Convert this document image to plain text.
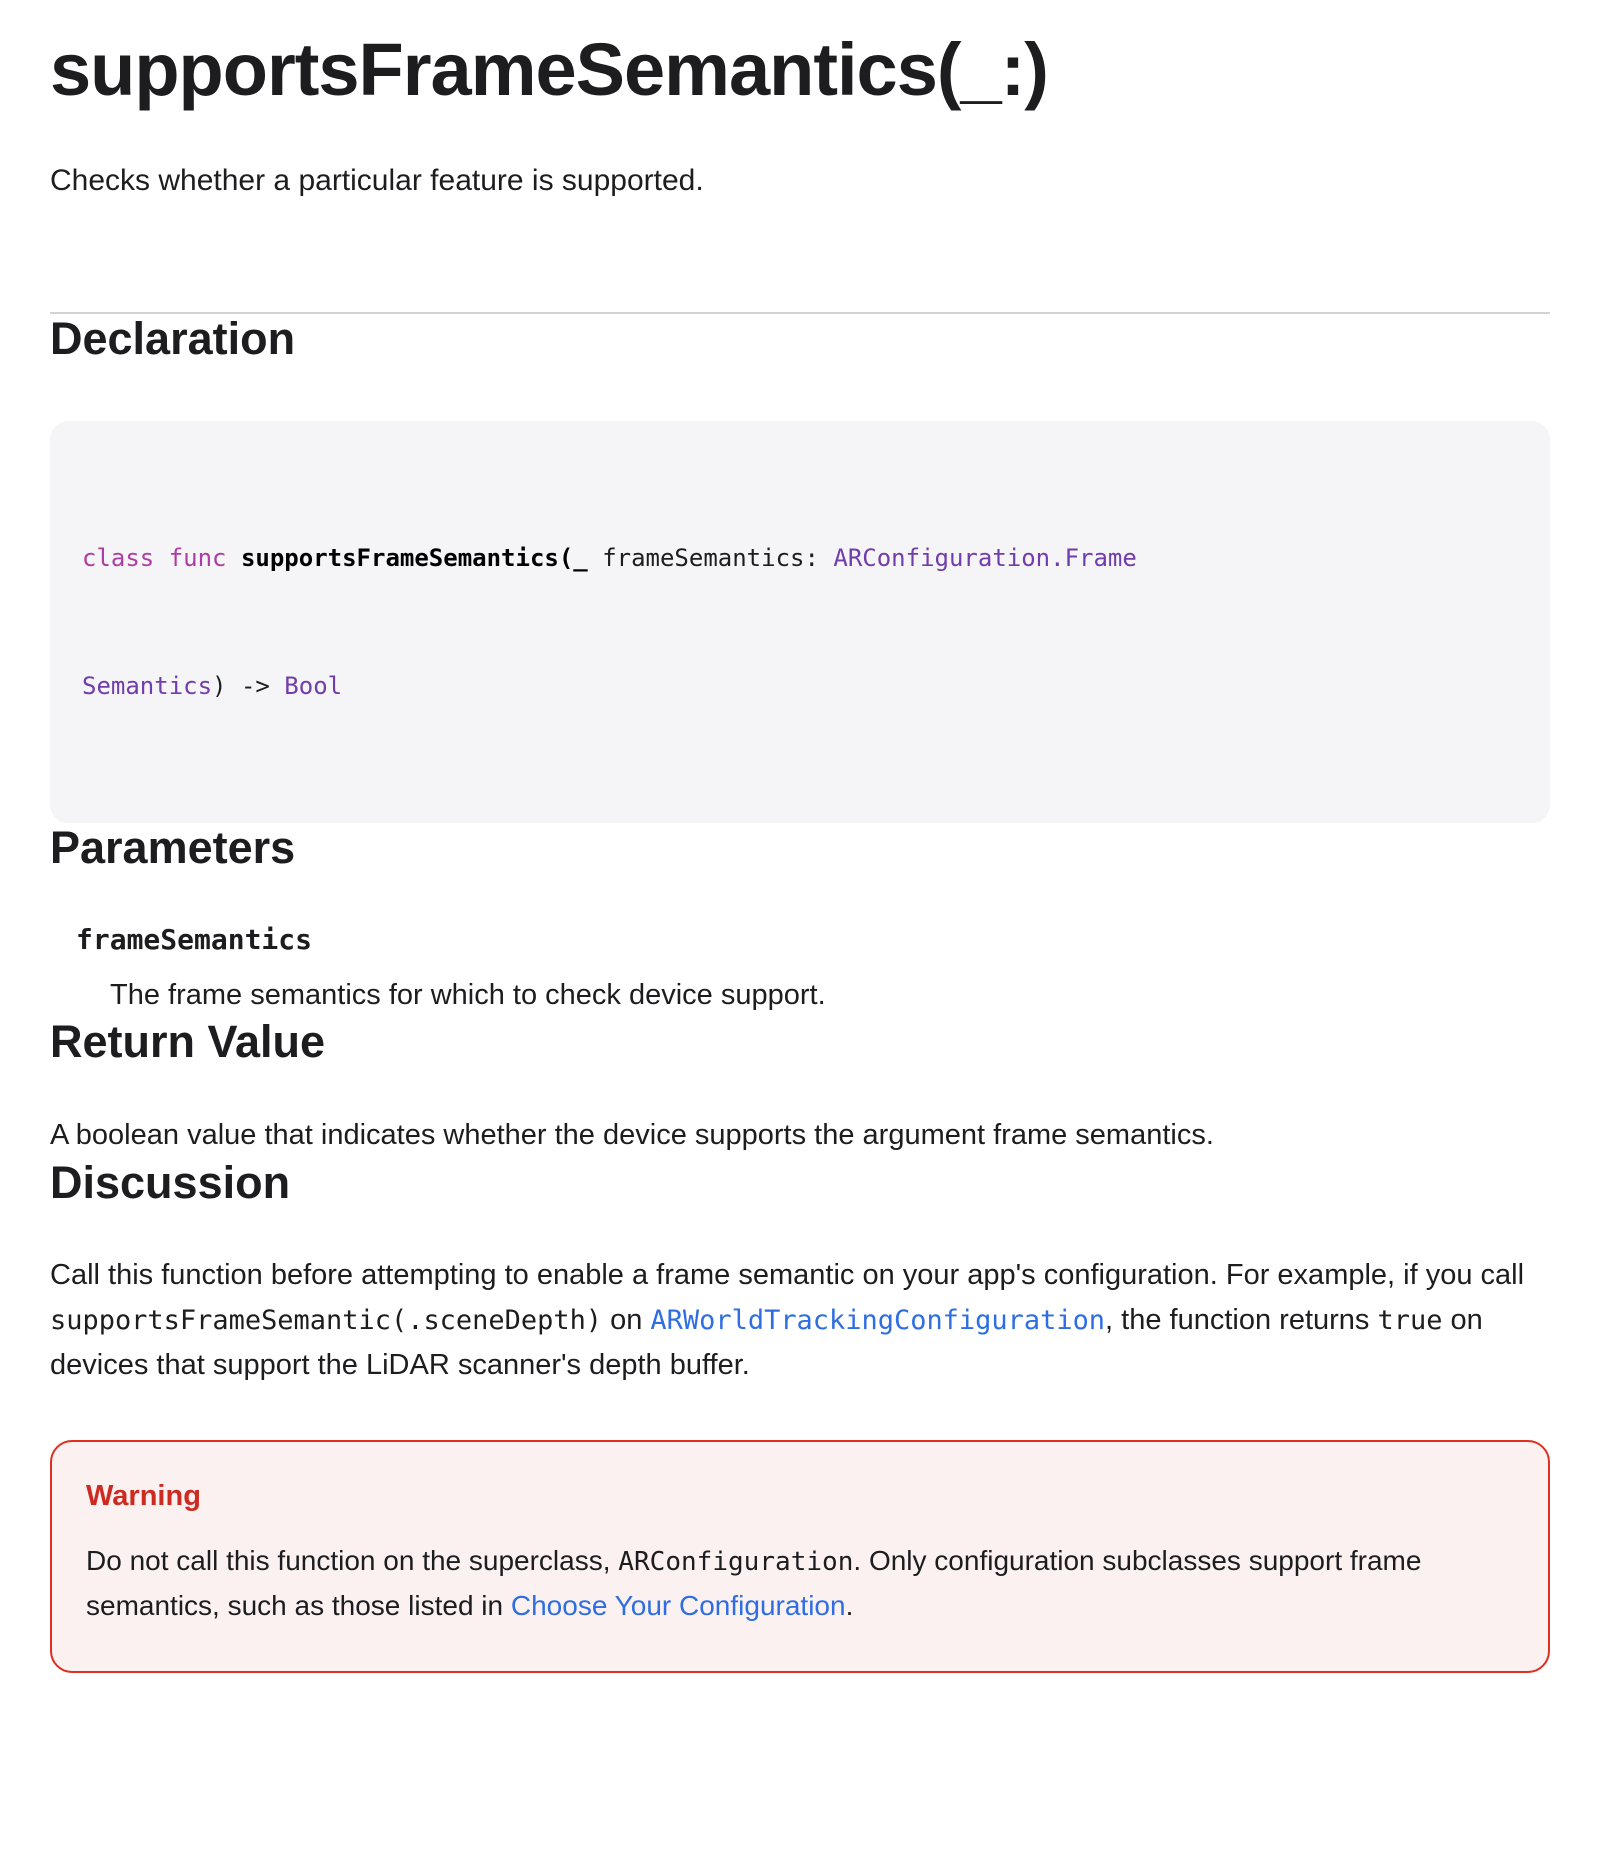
supportsFrameSemantics(_:)

Checks whether a particular feature is supported.

Declaration

class func supportsFrameSemantics(_ frameSemantics: ARConfiguration.Frame

Semantics) -> Bool

Parameters
frameSemantics
The frame semantics for which to check device support.
Return Value

A boolean value that indicates whether the device supports the argument frame semantics.

Discussion

Call this function before attempting to enable a frame semantic on your app's configuration. For example, if you call supportsFrameSemantic(.sceneDepth) on ARWorldTrackingConfiguration, the function returns true on devices that support the LiDAR scanner's depth buffer.

Warning

Do not call this function on the superclass, ARConfiguration. Only configuration subclasses support frame semantics, such as those listed in Choose Your Configuration.
